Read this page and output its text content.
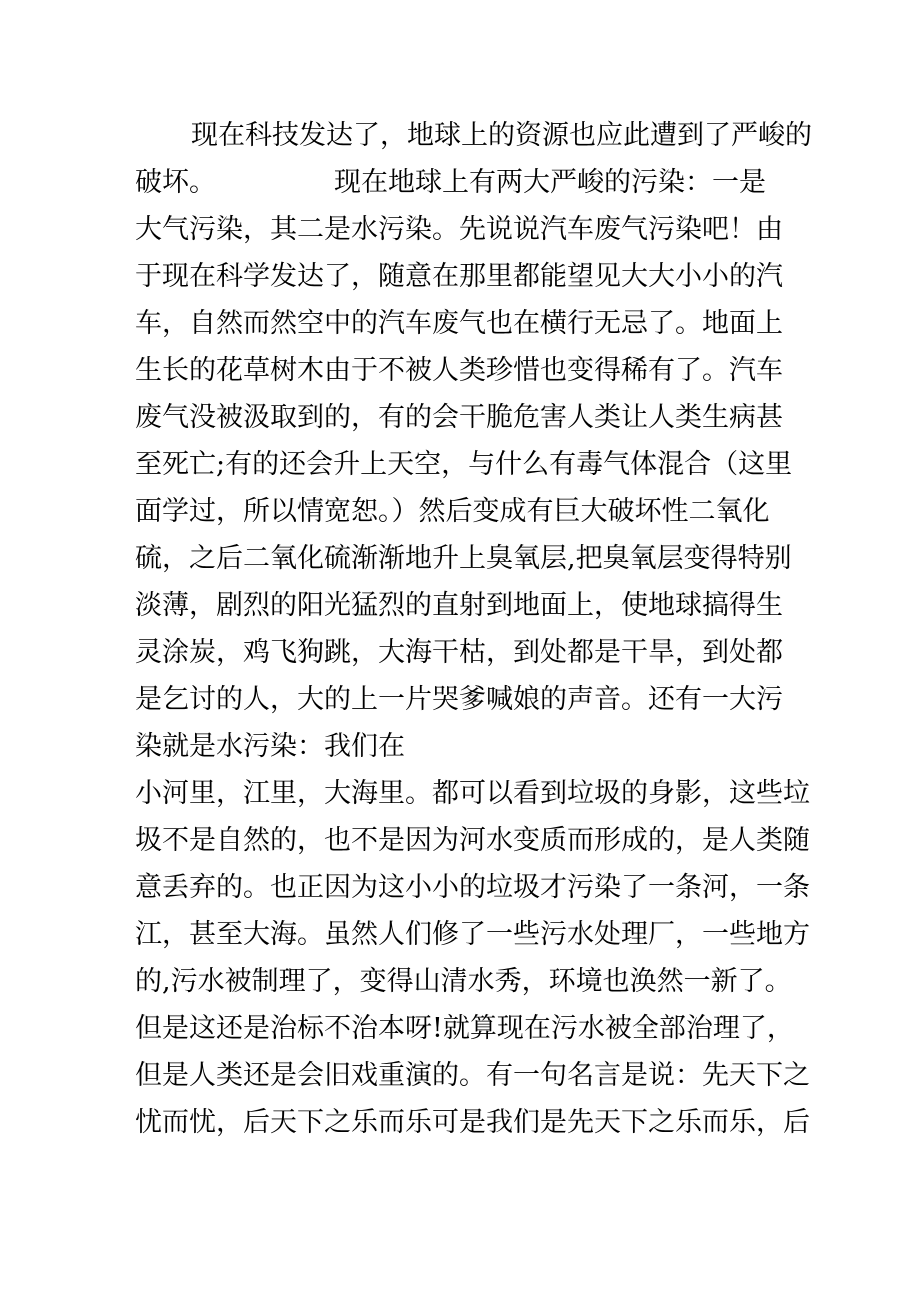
现在科技发达了，地球上的资源也应此遭到了严峻的
破坏。	现在地球上有两大严峻的污染：一是
大气污染，其二是水污染。先说说汽车废气污染吧！由
于现在科学发达了，随意在那里都能望见大大小小的汽
车，自然而然空中的汽车废气也在横行无忌了。地面上
生长的花草树木由于不被人类珍惜也变得稀有了。汽车
废气没被汲取到的，有的会干脆危害人类让人类生病甚
至死亡;有的还会升上天空，与什么有毒气体混合（这里
面学过，所以情宽恕。）然后变成有巨大破坏性二氧化
硫，之后二氧化硫渐渐地升上臭氧层,把臭氧层变得特别
淡薄，剧烈的阳光猛烈的直射到地面上，使地球搞得生
灵涂炭，鸡飞狗跳，大海干枯，到处都是干旱，到处都
是乞讨的人，大的上一片哭爹喊娘的声音。还有一大污
染就是水污染：我们在
小河里，江里，大海里。都可以看到垃圾的身影，这些垃
圾不是自然的，也不是因为河水变质而形成的，是人类随
意丢弃的。也正因为这小小的垃圾才污染了一条河，一条
江，甚至大海。虽然人们修了一些污水处理厂，一些地方
的,污水被制理了，变得山清水秀，环境也涣然一新了。
但是这还是治标不治本呀!就算现在污水被全部治理了，
但是人类还是会旧戏重演的。有一句名言是说：先天下之
忧而忧，后天下之乐而乐可是我们是先天下之乐而乐，后
